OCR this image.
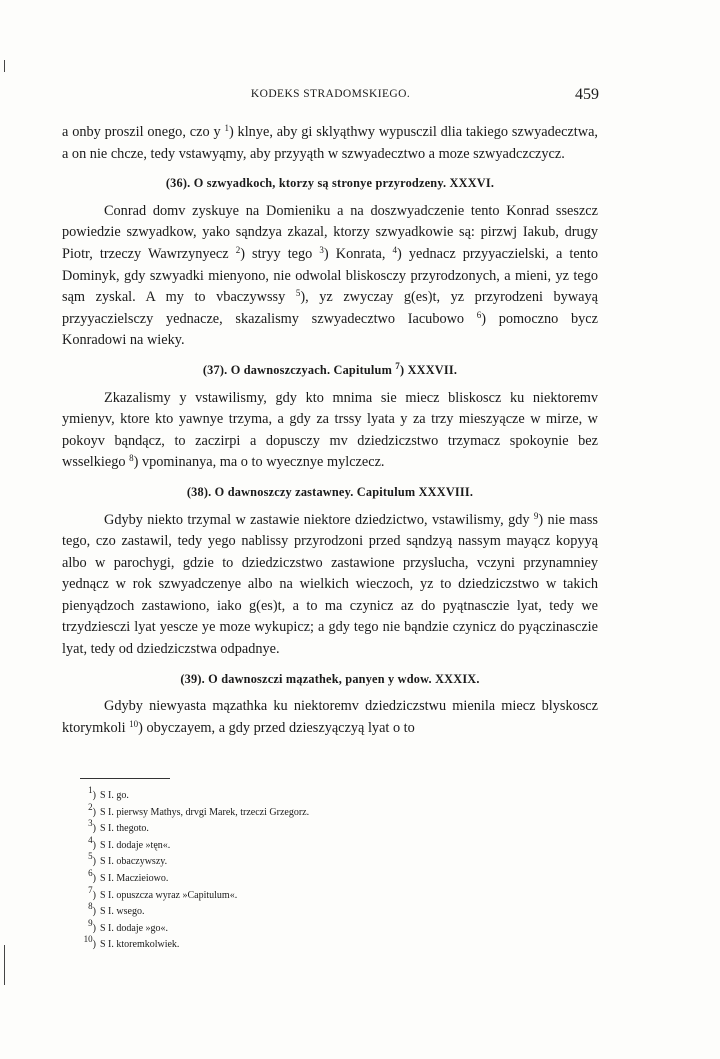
KODEKS STRADOMSKIEGO.	459

a onby proszil onego, czo y $^1$) klnye, aby gi sklyąthwy wypusczil dlia takiego szwyadecztwa, a on nie chcze, tedy vstawyąmy, aby przyyąth w szwyadecztwo a moze szwyadczczycz.

(36). O szwyadkoch, ktorzy są stronye przyrodzeny. XXXVI.

Conrad domv zyskuye na Domieniku a na doszwyadczenie tento Konrad sseszcz powiedzie szwyadkow, yako sąndzya zkazal, ktorzy szwyadkowie są: pirzwj Iakub, drugy Piotr, trzeczy Wawrzynyecz $^2$) stryy tego $^3$) Konrata, $^4$) yednacz przyyaczielski, a tento Dominyk, gdy szwyadki mienyono, nie odwolal bliskosczy przyrodzonych, a mieni, yz tego sąm zyskal. A my to vbaczywssy $^5$), yz zwyczay g(es)t, yz przyrodzeni bywayą przyyaczielsczy yednacze, skazalismy szwyadecztwo Iacubowo $^6$) pomoczno bycz Konradowi na wieky.

(37). O dawnoszczyach. Capitulum $^7$) XXXVII.

Zkazalismy y vstawilismy, gdy kto mnima sie miecz bliskoscz ku niektoremv ymienyv, ktore kto yawnye trzyma, a gdy za trssy lyata y za trzy mieszyącze w mirze, w pokoyv bąndącz, to zaczirpi a dopusczy mv dziedziczstwo trzymacz spokoynie bez wsselkiego $^8$) vpominanya, ma o to wyecznye mylczecz.

(38). O dawnoszczy zastawney. Capitulum XXXVIII.

Gdyby niekto trzymal w zastawie niektore dziedzictwo, vstawilismy, gdy $^9$) nie mass tego, czo zastawil, tedy yego nablissy przyrodzoni przed sąndzyą nassym mayącz kopyyą albo w parochygi, gdzie to dziedziczstwo zastawione przyslucha, vczyni przynamniey yednącz w rok szwyadczenye albo na wielkich wieczoch, yz to dziedziczstwo w takich pienyądzoch zastawiono, iako g(es)t, a to ma czynicz az do pyątnasczie lyat, tedy we trzydziesczi lyat yescze ye moze wykupicz; a gdy tego nie bąndzie czynicz do pyączinasczie lyat, tedy od dziedziczstwa odpadnye.

(39). O dawnoszczi mązathek, panyen y wdow. XXXIX.

Gdyby niewyasta mązathka ku niektoremv dziedziczstwu mienila miecz blyskoscz ktorymkoli $^{10}$) obyczayem, a gdy przed dzieszyączyą lyat o to

$^1$) S I. go.
$^2$) S I. pierwsy Mathys, drvgi Marek, trzeczi Grzegorz.
$^3$) S I. thegoto.
$^4$) S I. dodaje »tęn«.
$^5$) S I. obaczywszy.
$^6$) S I. Maczieiowo.
$^7$) S I. opuszcza wyraz »Capitulum«.
$^8$) S I. wsego.
$^9$) S I. dodaje »go«.
$^{10}$) S I. ktoremkolwiek.
